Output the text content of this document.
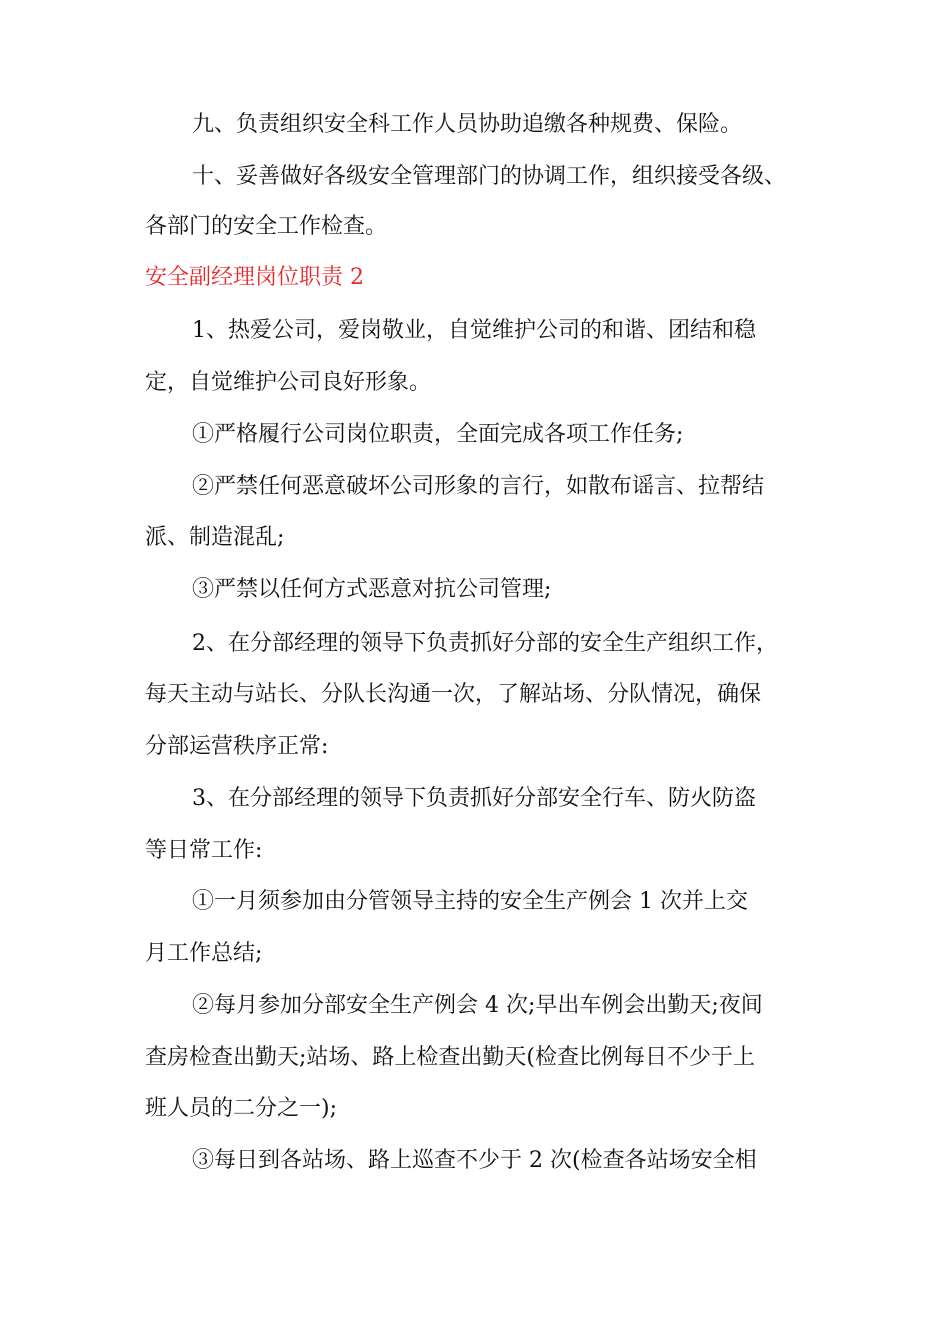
九、负责组织安全科工作人员协助追缴各种规费、保险。
十、妥善做好各级安全管理部门的协调工作，组织接受各级、
各部门的安全工作检查。
安全副经理岗位职责 2
1、热爱公司，爱岗敬业，自觉维护公司的和谐、团结和稳
定，自觉维护公司良好形象。
①严格履行公司岗位职责，全面完成各项工作任务;
②严禁任何恶意破坏公司形象的言行，如散布谣言、拉帮结
派、制造混乱;
③严禁以任何方式恶意对抗公司管理;
2、在分部经理的领导下负责抓好分部的安全生产组织工作，
每天主动与站长、分队长沟通一次，了解站场、分队情况，确保
分部运营秩序正常:
3、在分部经理的领导下负责抓好分部安全行车、防火防盗
等日常工作:
①一月须参加由分管领导主持的安全生产例会 1 次并上交
月工作总结;
②每月参加分部安全生产例会 4 次;早出车例会出勤天;夜间
查房检查出勤天;站场、路上检查出勤天(检查比例每日不少于上
班人员的二分之一);
③每日到各站场、路上巡查不少于 2 次(检查各站场安全相
